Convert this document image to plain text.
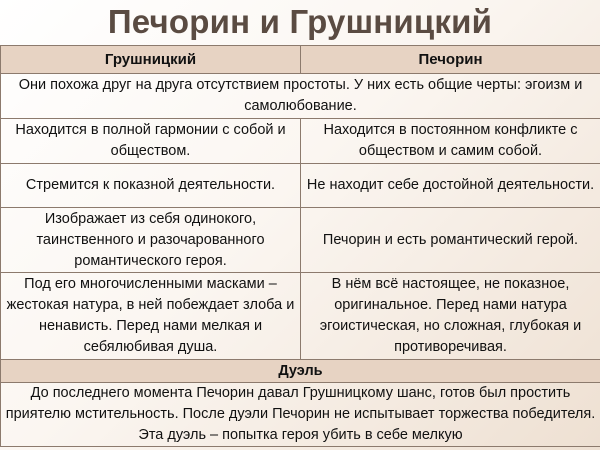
Печорин и Грушницкий
Грушницкий	Печорин
Они похожа друг на друга отсутствием простоты. У них есть общие черты: эгоизм и самолюбование.	
Находится в полной гармонии с собой и обществом.	Находится в постоянном конфликте с обществом и самим собой.
Стремится к показной деятельности.	Не находит себе достойной деятельности.
Изображает из себя одинокого, таинственного и разочарованного романтического героя.	Печорин и есть романтический герой.
Под его многочисленными масками – жестокая натура, в ней побеждает злоба и ненависть. Перед нами мелкая и себялюбивая душа.	В нём всё настоящее, не показное, оригинальное. Перед нами натура эгоистическая, но сложная, глубокая и противоречивая.
Дуэль	
До последнего момента Печорин давал Грушницкому шанс, готов был простить приятелю мстительность. После дуэли Печорин не испытывает торжества победителя. Эта дуэль – попытка героя убить в себе мелкую	
